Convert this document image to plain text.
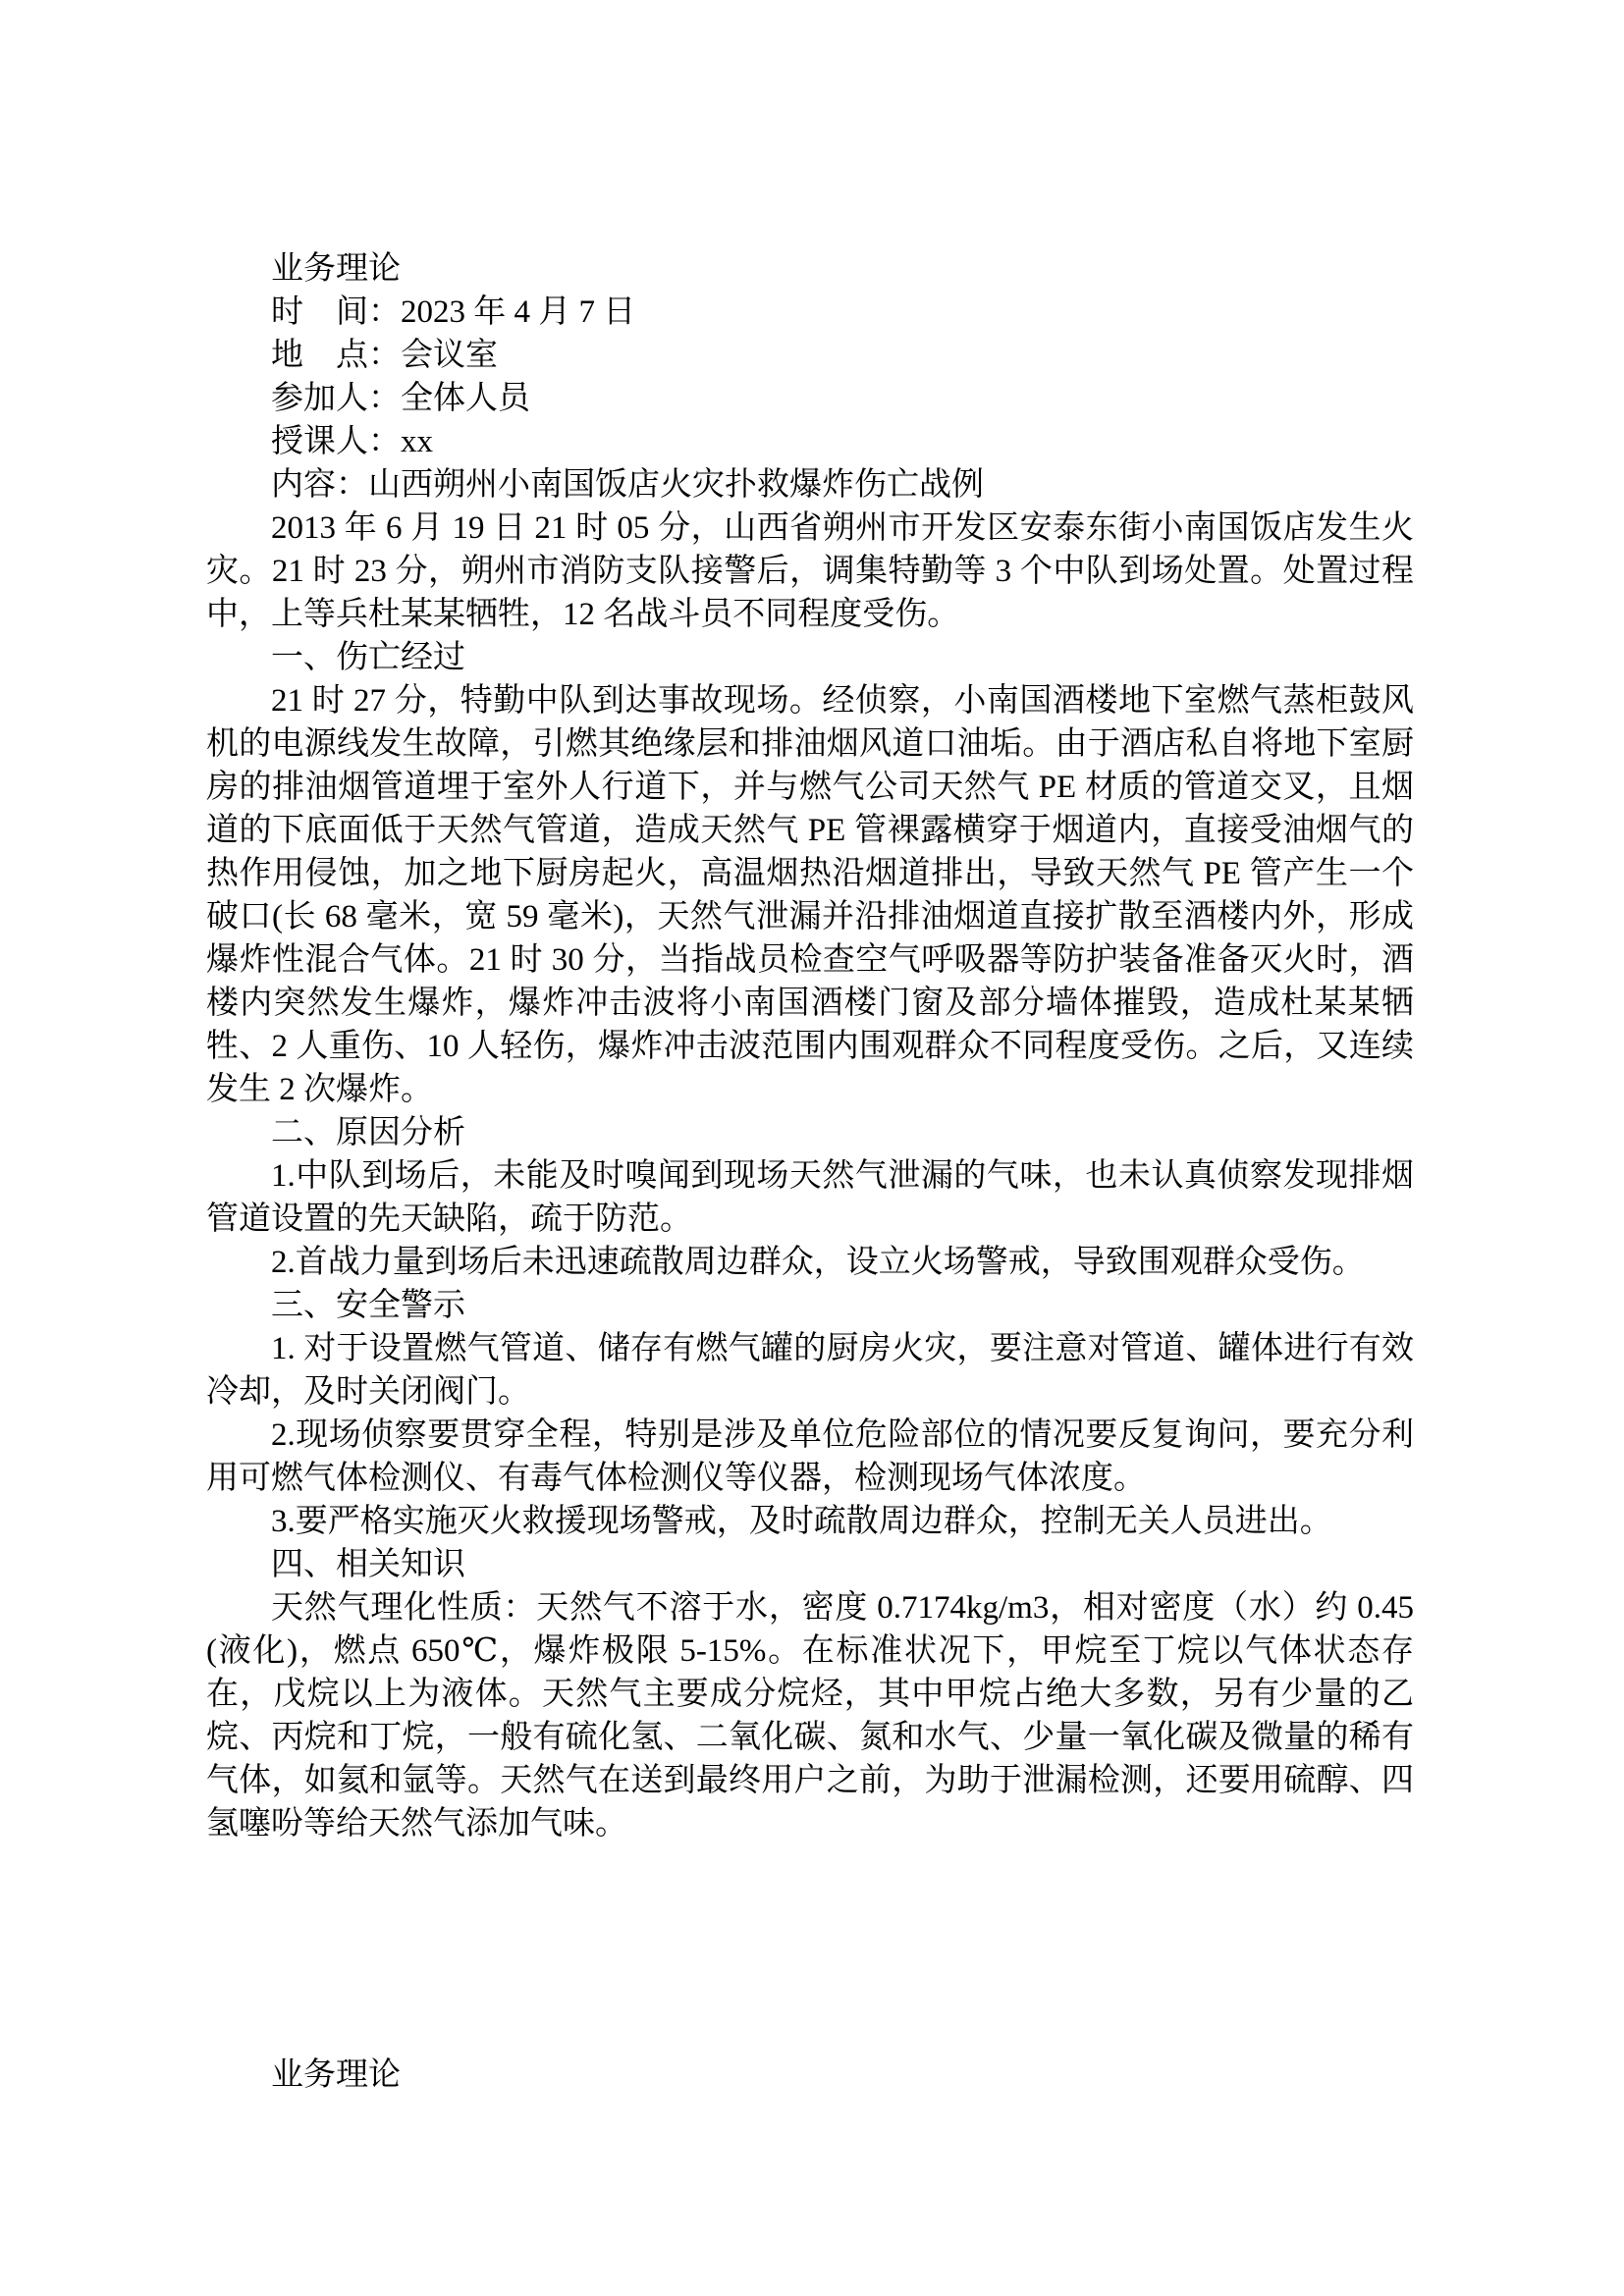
业务理论

时　间：2023 年 4 月 7 日

地　点：会议室

参加人：全体人员

授课人：xx

内容：山西朔州小南国饭店火灾扑救爆炸伤亡战例

2013 年 6 月 19 日 21 时 05 分，山西省朔州市开发区安泰东街小南国饭店发生火灾。21 时 23 分，朔州市消防支队接警后，调集特勤等 3 个中队到场处置。处置过程中，上等兵杜某某牺牲，12 名战斗员不同程度受伤。

一、伤亡经过

21 时 27 分，特勤中队到达事故现场。经侦察，小南国酒楼地下室燃气蒸柜鼓风机的电源线发生故障，引燃其绝缘层和排油烟风道口油垢。由于酒店私自将地下室厨房的排油烟管道埋于室外人行道下，并与燃气公司天然气 PE 材质的管道交叉，且烟道的下底面低于天然气管道，造成天然气 PE 管裸露横穿于烟道内，直接受油烟气的热作用侵蚀，加之地下厨房起火，高温烟热沿烟道排出，导致天然气 PE 管产生一个破口(长 68 毫米，宽 59 毫米)，天然气泄漏并沿排油烟道直接扩散至酒楼内外，形成爆炸性混合气体。21 时 30 分，当指战员检查空气呼吸器等防护装备准备灭火时，酒楼内突然发生爆炸，爆炸冲击波将小南国酒楼门窗及部分墙体摧毁，造成杜某某牺牲、2 人重伤、10 人轻伤，爆炸冲击波范围内围观群众不同程度受伤。之后，又连续发生 2 次爆炸。

二、原因分析

1.中队到场后，未能及时嗅闻到现场天然气泄漏的气味，也未认真侦察发现排烟管道设置的先天缺陷，疏于防范。

2.首战力量到场后未迅速疏散周边群众，设立火场警戒，导致围观群众受伤。

三、安全警示

1. 对于设置燃气管道、储存有燃气罐的厨房火灾，要注意对管道、罐体进行有效冷却，及时关闭阀门。

2.现场侦察要贯穿全程，特别是涉及单位危险部位的情况要反复询问，要充分利用可燃气体检测仪、有毒气体检测仪等仪器，检测现场气体浓度。

3.要严格实施灭火救援现场警戒，及时疏散周边群众，控制无关人员进出。

四、相关知识

天然气理化性质：天然气不溶于水，密度 0.7174kg/m3，相对密度（水）约 0.45(液化)，燃点 650℃，爆炸极限 5-15%。在标准状况下，甲烷至丁烷以气体状态存在，戊烷以上为液体。天然气主要成分烷烃，其中甲烷占绝大多数，另有少量的乙烷、丙烷和丁烷，一般有硫化氢、二氧化碳、氮和水气、少量一氧化碳及微量的稀有气体，如氦和氩等。天然气在送到最终用户之前，为助于泄漏检测，还要用硫醇、四氢噻吩等给天然气添加气味。

业务理论
